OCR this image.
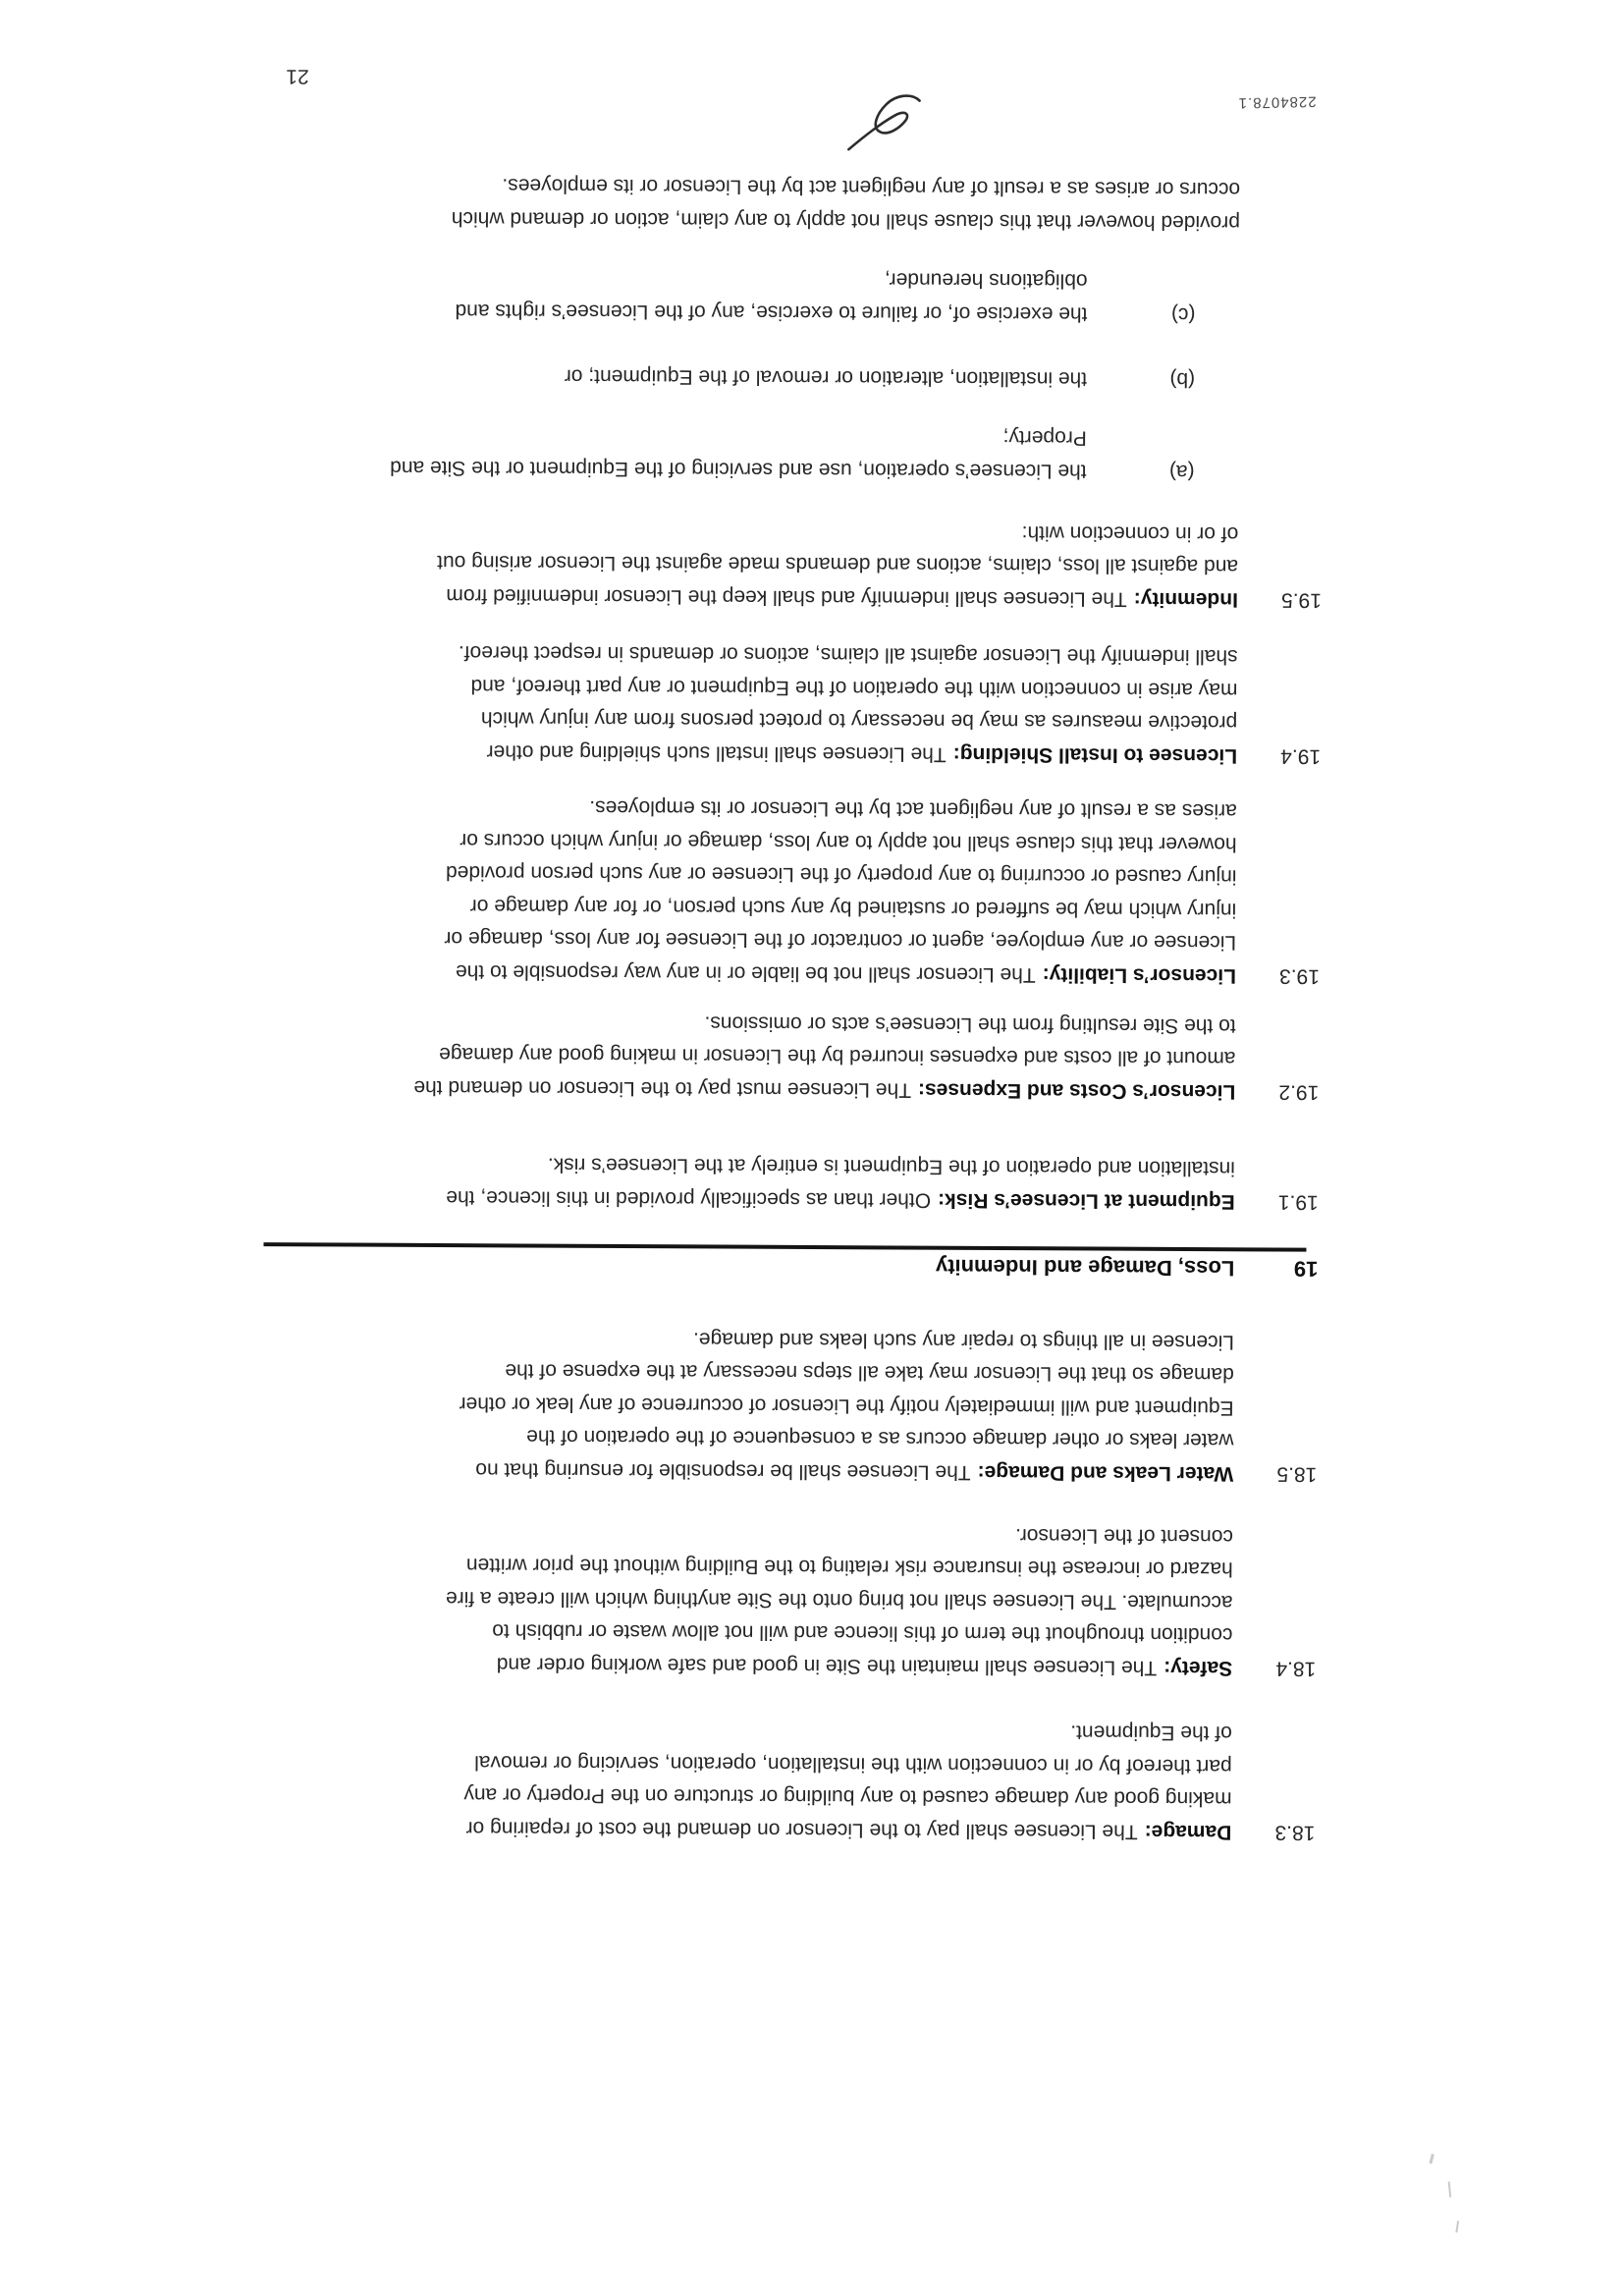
18.3
Damage:The Licensee shall pay to the Licensor on demand the cost of repairing or
making good any damage caused to any building or structure on the Property or any
part thereof by or in connection with the installation, operation, servicing or removal
of the Equipment.
18.4
Safety:The Licensee shall maintain the Site in good and safe working order and
condition throughout the term of this licence and will not allow waste or rubbish to
accumulate. The Licensee shall not bring onto the Site anything which will create a fire
hazard or increase the insurance risk relating to the Building without the prior written
consent of the Licensor.
18.5
Water Leaks and Damage:The Licensee shall be responsible for ensuring that no
water leaks or other damage occurs as a consequence of the operation of the
Equipment and will immediately notify the Licensor of occurrence of any leak or other
damage so that the Licensor may take all steps necessary at the expense of the
Licensee in all things to repair any such leaks and damage.
19
Loss, Damage and Indemnity
19.1
Equipment at Licensee’s Risk:Other than as specifically provided in this licence, the
installation and operation of the Equipment is entirely at the Licensee’s risk.
19.2
Licensor’s Costs and Expenses:The Licensee must pay to the Licensor on demand the
amount of all costs and expenses incurred by the Licensor in making good any damage
to the Site resulting from the Licensee’s acts or omissions.
19.3
Licensor’s Liability:The Licensor shall not be liable or in any way responsible to the
Licensee or any employee, agent or contractor of the Licensee for any loss, damage or
injury which may be suffered or sustained by any such person, or for any damage or
injury caused or occurring to any property of the Licensee or any such person provided
however that this clause shall not apply to any loss, damage or injury which occurs or
arises as a result of any negligent act by the Licensor or its employees.
19.4
Licensee to Install Shielding:The Licensee shall install such shielding and other
protective measures as may be necessary to protect persons from any injury which
may arise in connection with the operation of the Equipment or any part thereof, and
shall indemnify the Licensor against all claims, actions or demands in respect thereof.
19.5
Indemnity:The Licensee shall indemnify and shall keep the Licensor indemnified from
and against all loss, claims, actions and demands made against the Licensor arising out
of or in connection with:
(a)
the Licensee’s operation, use and servicing of the Equipment or the Site and
Property;
(b)
the installation, alteration or removal of the Equipment; or
(c)
the exercise of, or failure to exercise, any of the Licensee’s rights and
obligations hereunder,
provided however that this clause shall not apply to any claim, action or demand which
occurs or arises as a result of any negligent act by the Licensor or its employees.
2284078.1
21
